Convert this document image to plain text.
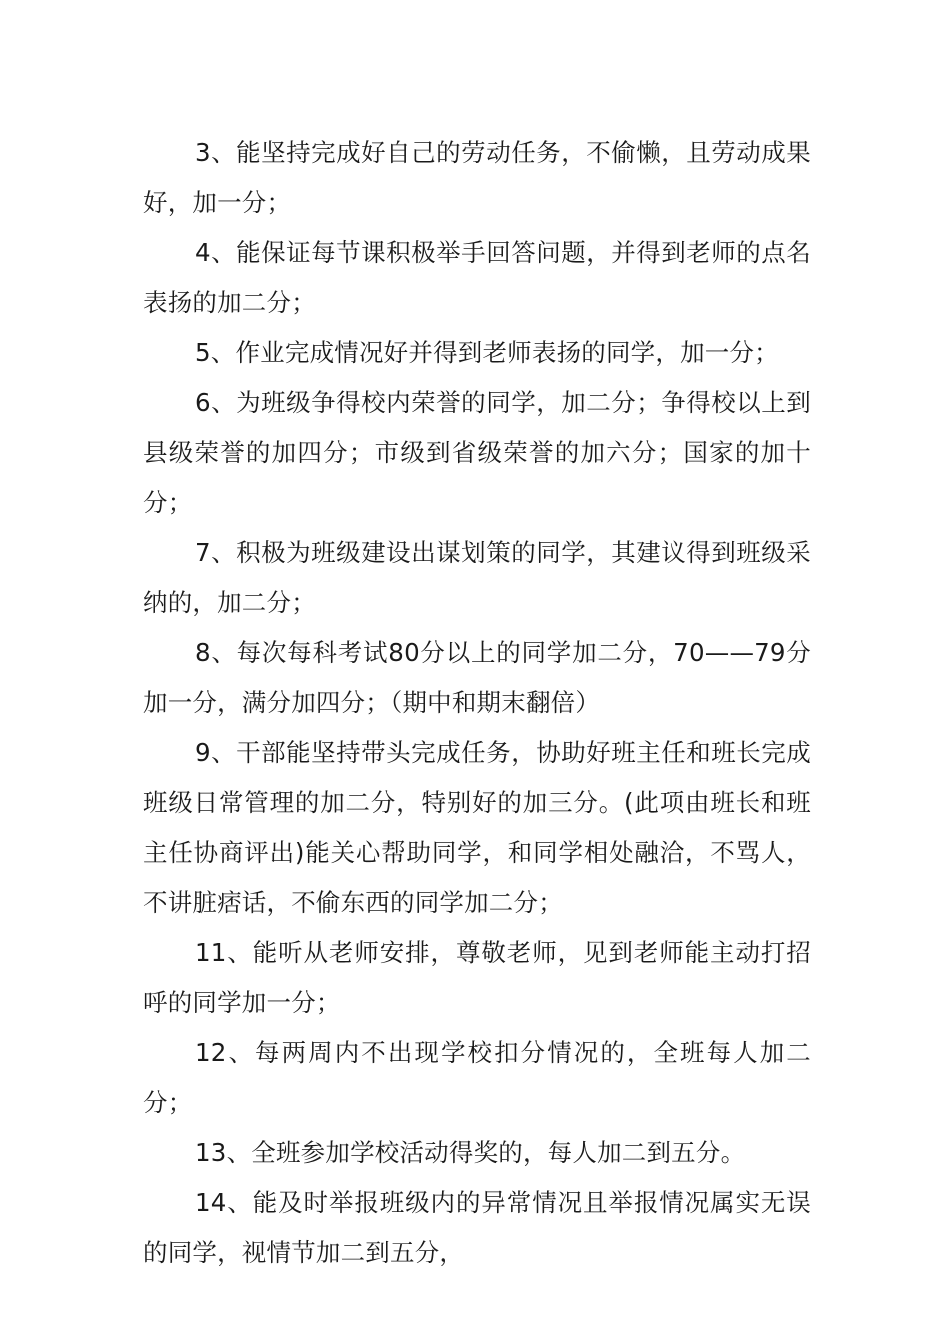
3、能坚持完成好自己的劳动任务，不偷懒，且劳动成果好，加一分；

4、能保证每节课积极举手回答问题，并得到老师的点名表扬的加二分；

5、作业完成情况好并得到老师表扬的同学，加一分；

6、为班级争得校内荣誉的同学，加二分；争得校以上到县级荣誉的加四分；市级到省级荣誉的加六分；国家的加十分；

7、积极为班级建设出谋划策的同学，其建议得到班级采纳的，加二分；

8、每次每科考试80分以上的同学加二分，70——79分加一分，满分加四分；（期中和期末翻倍）

9、干部能坚持带头完成任务，协助好班主任和班长完成班级日常管理的加二分，特别好的加三分。(此项由班长和班主任协商评出)能关心帮助同学，和同学相处融洽，不骂人，不讲脏痞话，不偷东西的同学加二分；

11、能听从老师安排，尊敬老师，见到老师能主动打招呼的同学加一分；

12、每两周内不出现学校扣分情况的，全班每人加二分；

13、全班参加学校活动得奖的，每人加二到五分。

14、能及时举报班级内的异常情况且举报情况属实无误的同学，视情节加二到五分，
